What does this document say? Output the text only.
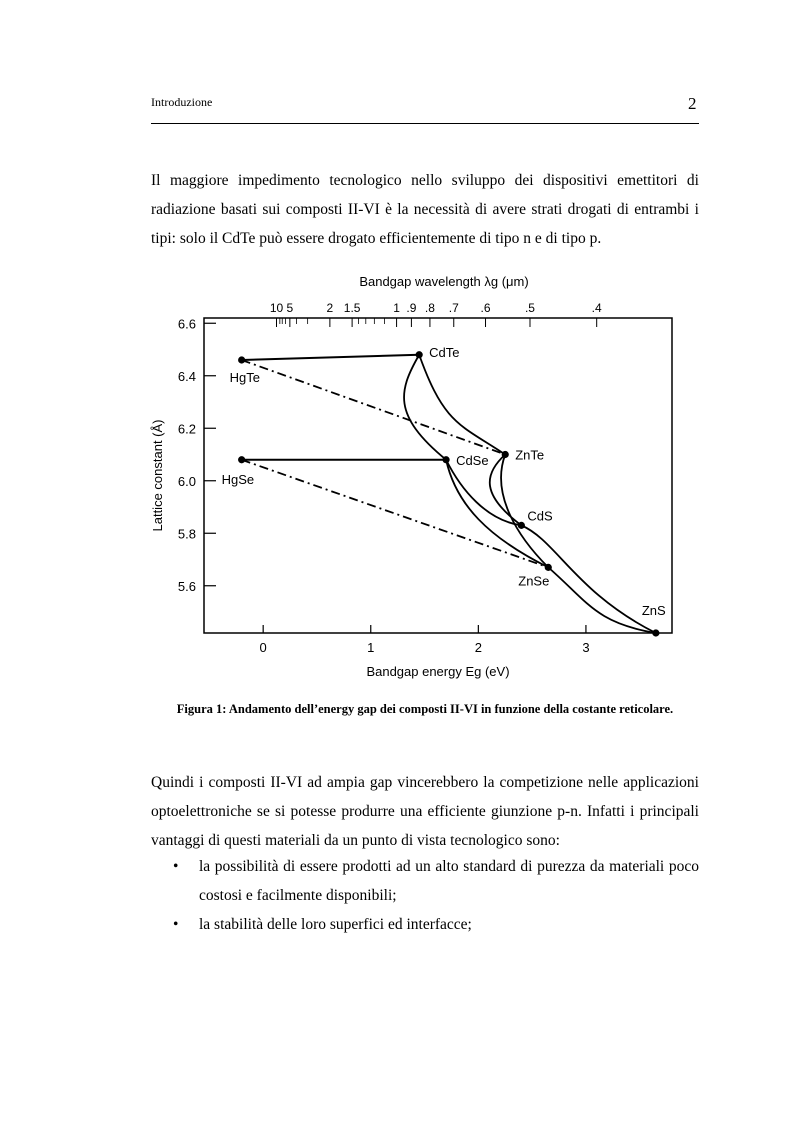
Introduzione	2

Il maggiore impedimento tecnologico nello sviluppo dei dispositivi emettitori di radiazione basati sui composti II-VI è la necessità di avere strati drogati di entrambi i tipi: solo il CdTe può essere drogato efficientemente di tipo n e di tipo p.

Bandgap wavelength λg (μm)
Bandgap energy Eg (eV)
Lattice constant (Å)
0	1	2	3
5.6
5.8
6.0
6.2
6.4
6.6
10 5	2 1.5	1 .9 .8 .7 .6	.5	.4
HgTe
CdTe
ZnTe
HgSe
CdSe
CdS
ZnSe
ZnS
Figura 1: Andamento dell’energy gap dei composti II-VI in funzione della costante reticolare.

Quindi i composti II-VI ad ampia gap vincerebbero la competizione nelle applicazioni optoelettroniche se si potesse produrre una efficiente giunzione p-n. Infatti i principali vantaggi di questi materiali da un punto di vista tecnologico sono:

• la possibilità di essere prodotti ad un alto standard di purezza da materiali poco costosi e facilmente disponibili;
• la stabilità delle loro superfici ed interfacce;
